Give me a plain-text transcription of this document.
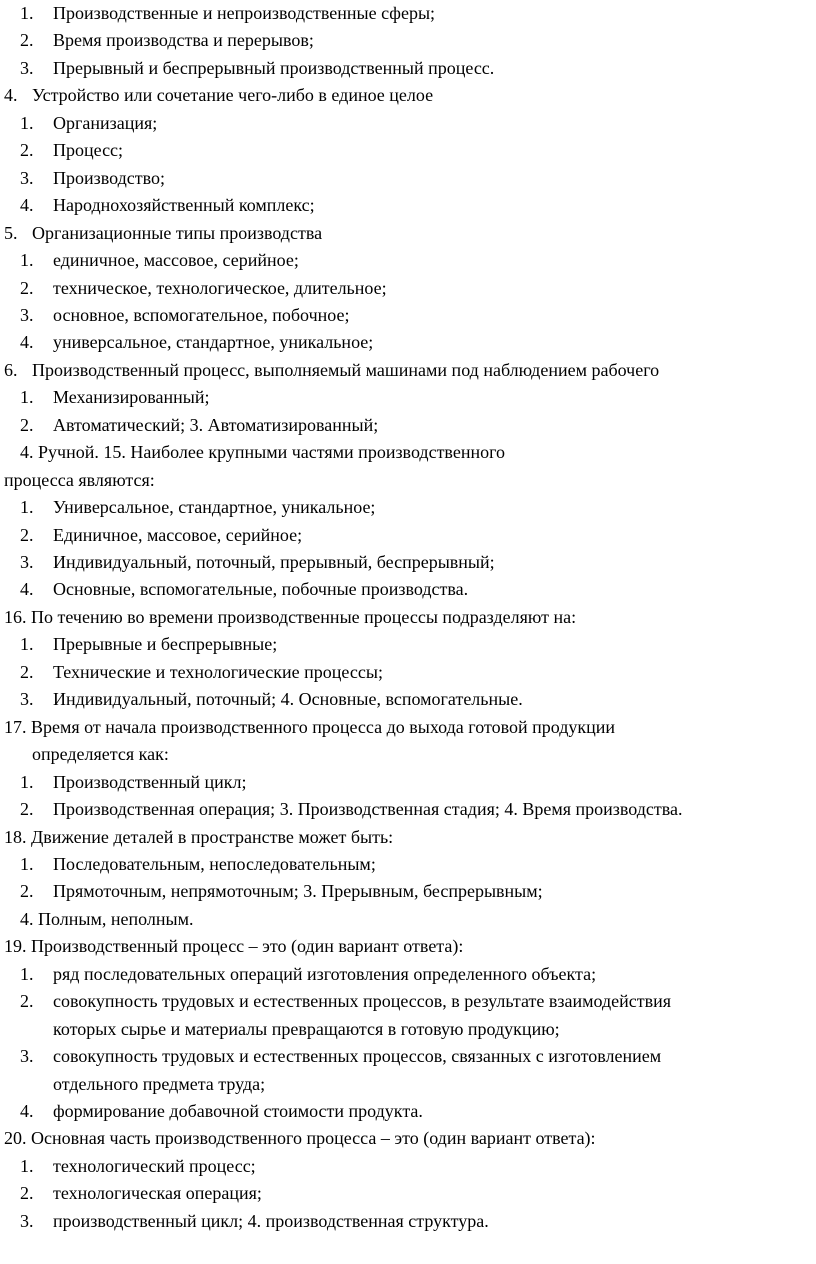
1. Производственные и непроизводственные сферы;
2. Время производства и перерывов;
3. Прерывный и беспрерывный производственный процесс.
4. Устройство или сочетание чего-либо в единое целое
1. Организация;
2. Процесс;
3. Производство;
4. Народнохозяйственный комплекс;
5. Организационные типы производства
1. единичное, массовое, серийное;
2. техническое, технологическое, длительное;
3. основное, вспомогательное, побочное;
4. универсальное, стандартное, уникальное;
6. Производственный процесс, выполняемый машинами под наблюдением рабочего
1. Механизированный;
2. Автоматический; 3. Автоматизированный;
4. Ручной. 15. Наиболее крупными частями производственного
процесса являются:
1. Универсальное, стандартное, уникальное;
2. Единичное, массовое, серийное;
3. Индивидуальный, поточный, прерывный, беспрерывный;
4. Основные, вспомогательные, побочные производства.
16. По течению во времени производственные процессы подразделяют на:
1. Прерывные и беспрерывные;
2. Технические и технологические процессы;
3. Индивидуальный, поточный; 4. Основные, вспомогательные.
17. Время от начала производственного процесса до выхода готовой продукции
определяется как:
1. Производственный цикл;
2. Производственная операция; 3. Производственная стадия; 4. Время производства.
18. Движение деталей в пространстве может быть:
1. Последовательным, непоследовательным;
2. Прямоточным, непрямоточным; 3. Прерывным, беспрерывным;
4. Полным, неполным.
19. Производственный процесс – это (один вариант ответа):
1. ряд последовательных операций изготовления определенного объекта;
2. совокупность трудовых и естественных процессов, в результате взаимодействия
которых сырье и материалы превращаются в готовую продукцию;
3. совокупность трудовых и естественных процессов, связанных с изготовлением
отдельного предмета труда;
4. формирование добавочной стоимости продукта.
20. Основная часть производственного процесса – это (один вариант ответа):
1. технологический процесс;
2. технологическая операция;
3. производственный цикл; 4. производственная структура.
